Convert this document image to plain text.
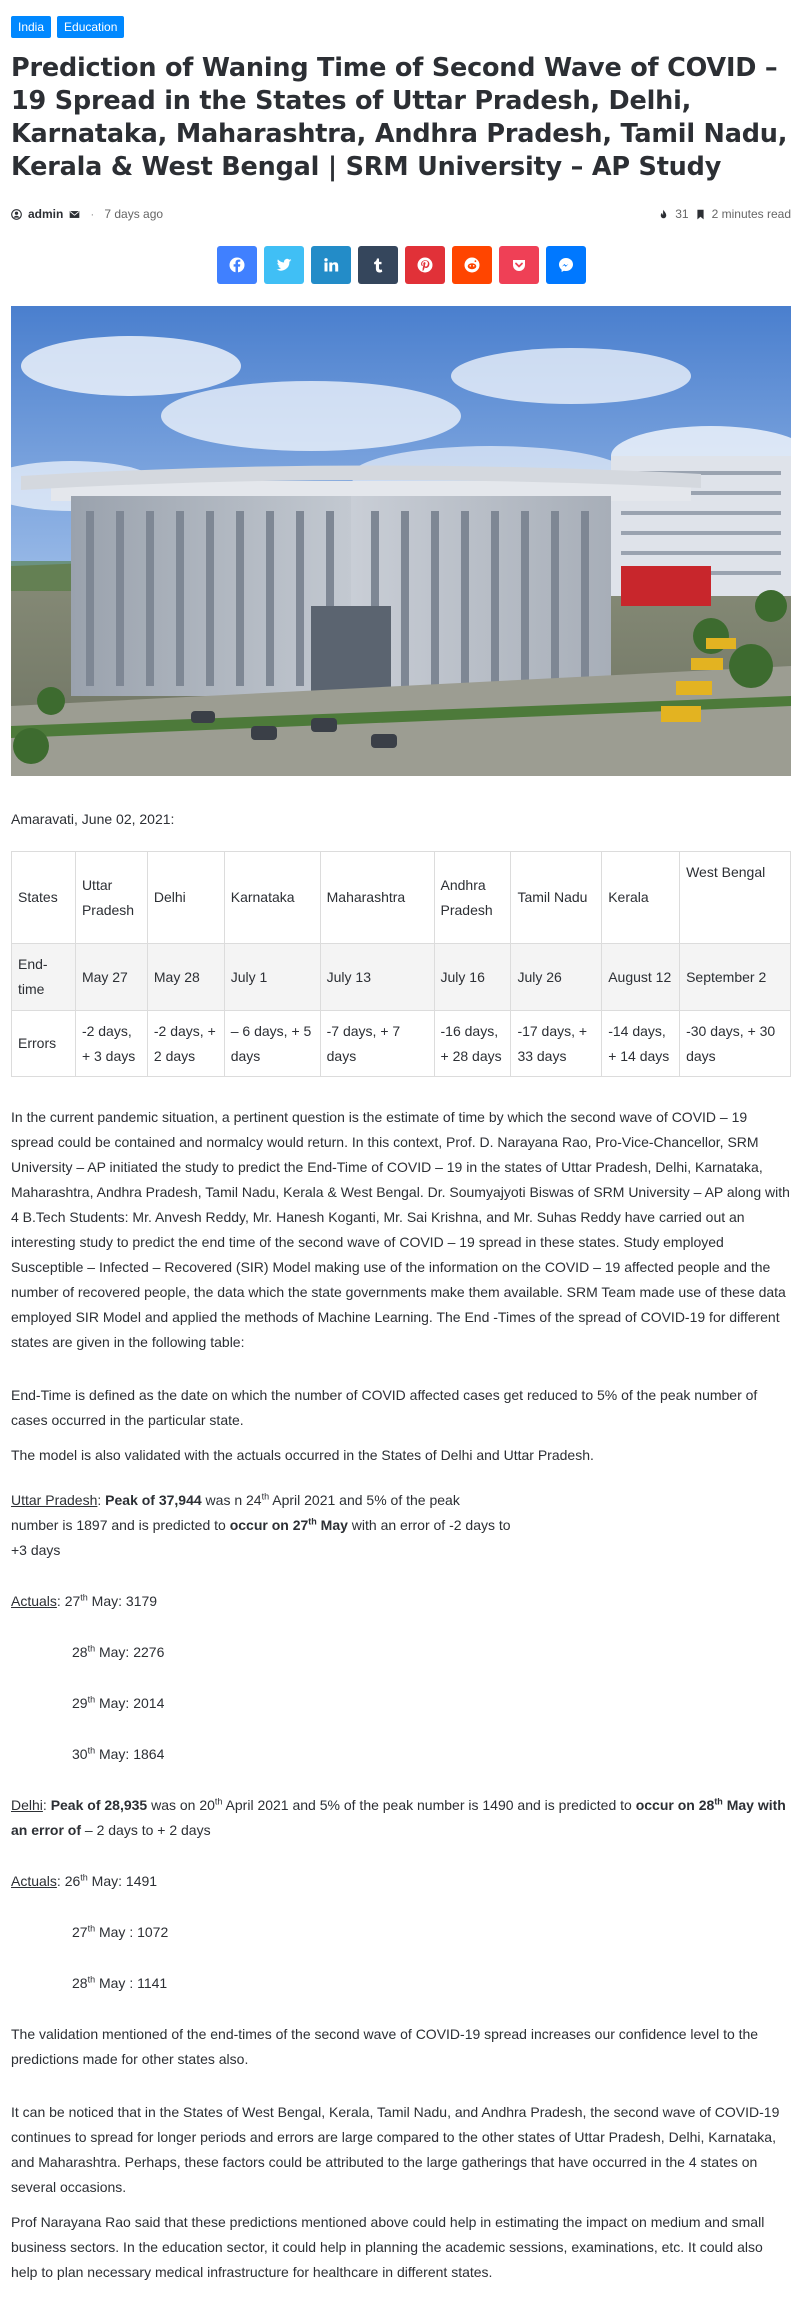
India	Education
Prediction of Waning Time of Second Wave of COVID – 19 Spread in the States of Uttar Pradesh, Delhi, Karnataka, Maharashtra, Andhra Pradesh, Tamil Nadu, Kerala & West Bengal | SRM University – AP Study
admin · 7 days ago	31 2 minutes read

Amaravati, June 02, 2021:

States	Uttar Pradesh	Delhi	Karnataka	Maharashtra	Andhra Pradesh	Tamil Nadu	Kerala	West Bengal
End-time	May 27	May 28	July 1	July 13	July 16	July 26	August 12	September 2
Errors	-2 days, + 3 days	-2 days, + 2 days	– 6 days, + 5 days	-7 days, + 7 days	-16 days, + 28 days	-17 days, + 33 days	-14 days, + 14 days	-30 days, + 30 days

In the current pandemic situation, a pertinent question is the estimate of time by which the second wave of COVID – 19 spread could be contained and normalcy would return. In this context, Prof. D. Narayana Rao, Pro-Vice-Chancellor, SRM University – AP initiated the study to predict the End-Time of COVID – 19 in the states of Uttar Pradesh, Delhi, Karnataka, Maharashtra, Andhra Pradesh, Tamil Nadu, Kerala & West Bengal. Dr. Soumyajyoti Biswas of SRM University – AP along with 4 B.Tech Students: Mr. Anvesh Reddy, Mr. Hanesh Koganti, Mr. Sai Krishna, and Mr. Suhas Reddy have carried out an interesting study to predict the end time of the second wave of COVID – 19 spread in these states. Study employed Susceptible – Infected – Recovered (SIR) Model making use of the information on the COVID – 19 affected people and the number of recovered people, the data which the state governments make them available. SRM Team made use of these data employed SIR Model and applied the methods of Machine Learning. The End -Times of the spread of COVID-19 for different states are given in the following table:

End-Time is defined as the date on which the number of COVID affected cases get reduced to 5% of the peak number of cases occurred in the particular state.

The model is also validated with the actuals occurred in the States of Delhi and Uttar Pradesh.

Uttar Pradesh: Peak of 37,944 was n 24th April 2021 and 5% of the peak number is 1897 and is predicted to occur on 27th May with an error of -2 days to +3 days

Actuals: 27th May: 3179

28th May: 2276

29th May: 2014

30th May: 1864

Delhi: Peak of 28,935 was on 20th April 2021 and 5% of the peak number is 1490 and is predicted to occur on 28th May with an error of – 2 days to + 2 days

Actuals: 26th May: 1491

27th May : 1072

28th May : 1141

The validation mentioned of the end-times of the second wave of COVID-19 spread increases our confidence level to the predictions made for other states also.

It can be noticed that in the States of West Bengal, Kerala, Tamil Nadu, and Andhra Pradesh, the second wave of COVID-19 continues to spread for longer periods and errors are large compared to the other states of Uttar Pradesh, Delhi, Karnataka, and Maharashtra. Perhaps, these factors could be attributed to the large gatherings that have occurred in the 4 states on several occasions.

Prof Narayana Rao said that these predictions mentioned above could help in estimating the impact on medium and small business sectors. In the education sector, it could help in planning the academic sessions, examinations, etc. It could also help to plan necessary medical infrastructure for healthcare in different states.
